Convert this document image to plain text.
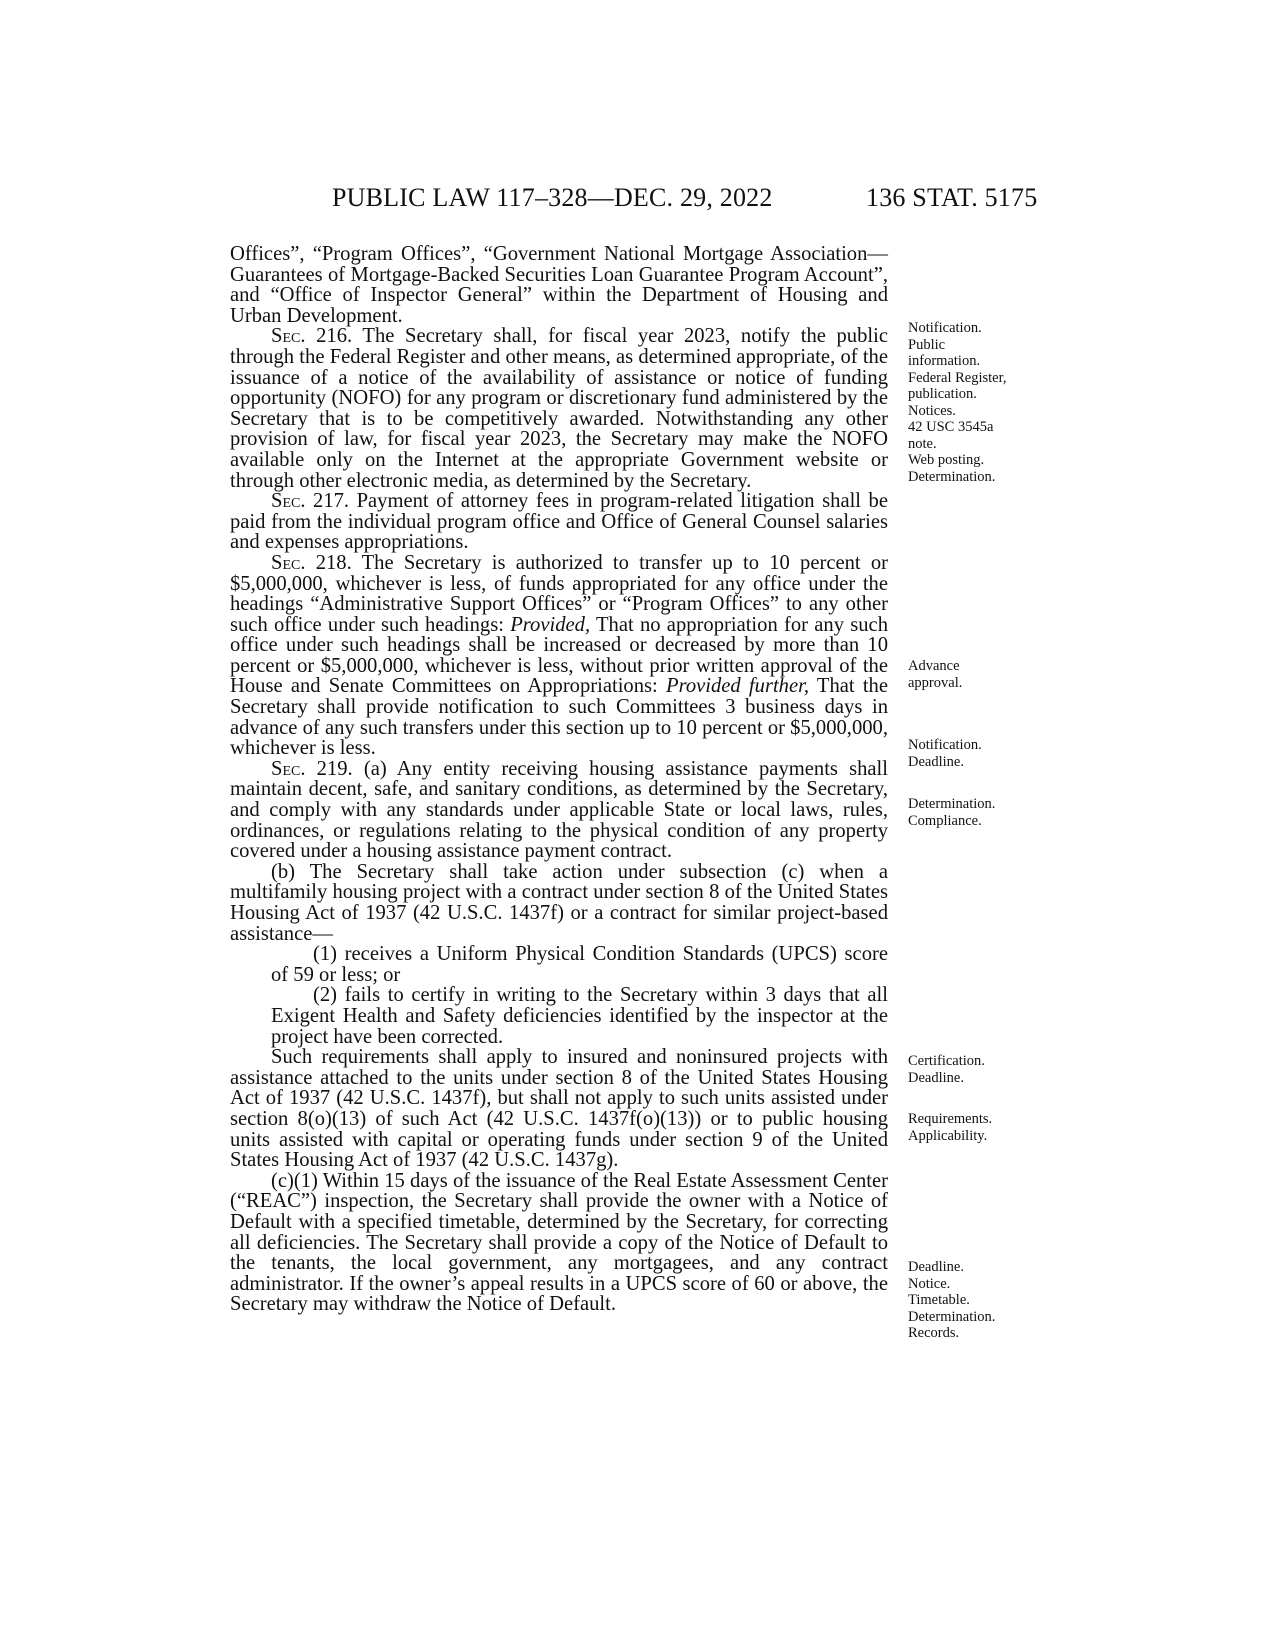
PUBLIC LAW 117–328—DEC. 29, 2022	136 STAT. 5175

Offices”, “Program Offices”, “Government National Mortgage Association—Guarantees of Mortgage-Backed Securities Loan Guarantee Program Account”, and “Office of Inspector General” within the Department of Housing and Urban Development.

Sec. 216. The Secretary shall, for fiscal year 2023, notify the public through the Federal Register and other means, as determined appropriate, of the issuance of a notice of the availability of assistance or notice of funding opportunity (NOFO) for any program or discretionary fund administered by the Secretary that is to be competitively awarded. Notwithstanding any other provision of law, for fiscal year 2023, the Secretary may make the NOFO available only on the Internet at the appropriate Government website or through other electronic media, as determined by the Secretary.

Sec. 217. Payment of attorney fees in program-related litigation shall be paid from the individual program office and Office of General Counsel salaries and expenses appropriations.

Sec. 218. The Secretary is authorized to transfer up to 10 percent or $5,000,000, whichever is less, of funds appropriated for any office under the headings “Administrative Support Offices” or “Program Offices” to any other such office under such headings: Provided, That no appropriation for any such office under such headings shall be increased or decreased by more than 10 percent or $5,000,000, whichever is less, without prior written approval of the House and Senate Committees on Appropriations: Provided further, That the Secretary shall provide notification to such Committees 3 business days in advance of any such transfers under this section up to 10 percent or $5,000,000, whichever is less.

Sec. 219. (a) Any entity receiving housing assistance payments shall maintain decent, safe, and sanitary conditions, as determined by the Secretary, and comply with any standards under applicable State or local laws, rules, ordinances, or regulations relating to the physical condition of any property covered under a housing assistance payment contract.

(b) The Secretary shall take action under subsection (c) when a multifamily housing project with a contract under section 8 of the United States Housing Act of 1937 (42 U.S.C. 1437f) or a contract for similar project-based assistance—

(1) receives a Uniform Physical Condition Standards (UPCS) score of 59 or less; or

(2) fails to certify in writing to the Secretary within 3 days that all Exigent Health and Safety deficiencies identified by the inspector at the project have been corrected.

Such requirements shall apply to insured and noninsured projects with assistance attached to the units under section 8 of the United States Housing Act of 1937 (42 U.S.C. 1437f), but shall not apply to such units assisted under section 8(o)(13) of such Act (42 U.S.C. 1437f(o)(13)) or to public housing units assisted with capital or operating funds under section 9 of the United States Housing Act of 1937 (42 U.S.C. 1437g).

(c)(1) Within 15 days of the issuance of the Real Estate Assessment Center (“REAC”) inspection, the Secretary shall provide the owner with a Notice of Default with a specified timetable, determined by the Secretary, for correcting all deficiencies. The Secretary shall provide a copy of the Notice of Default to the tenants, the local government, any mortgagees, and any contract administrator. If the owner’s appeal results in a UPCS score of 60 or above, the Secretary may withdraw the Notice of Default.

Notification.
Public
information.
Federal Register,
publication.
Notices.
42 USC 3545a
note.
Web posting.
Determination.
Advance
approval.
Notification.
Deadline.
Determination.
Compliance.
Certification.
Deadline.
Requirements.
Applicability.
Deadline.
Notice.
Timetable.
Determination.
Records.
